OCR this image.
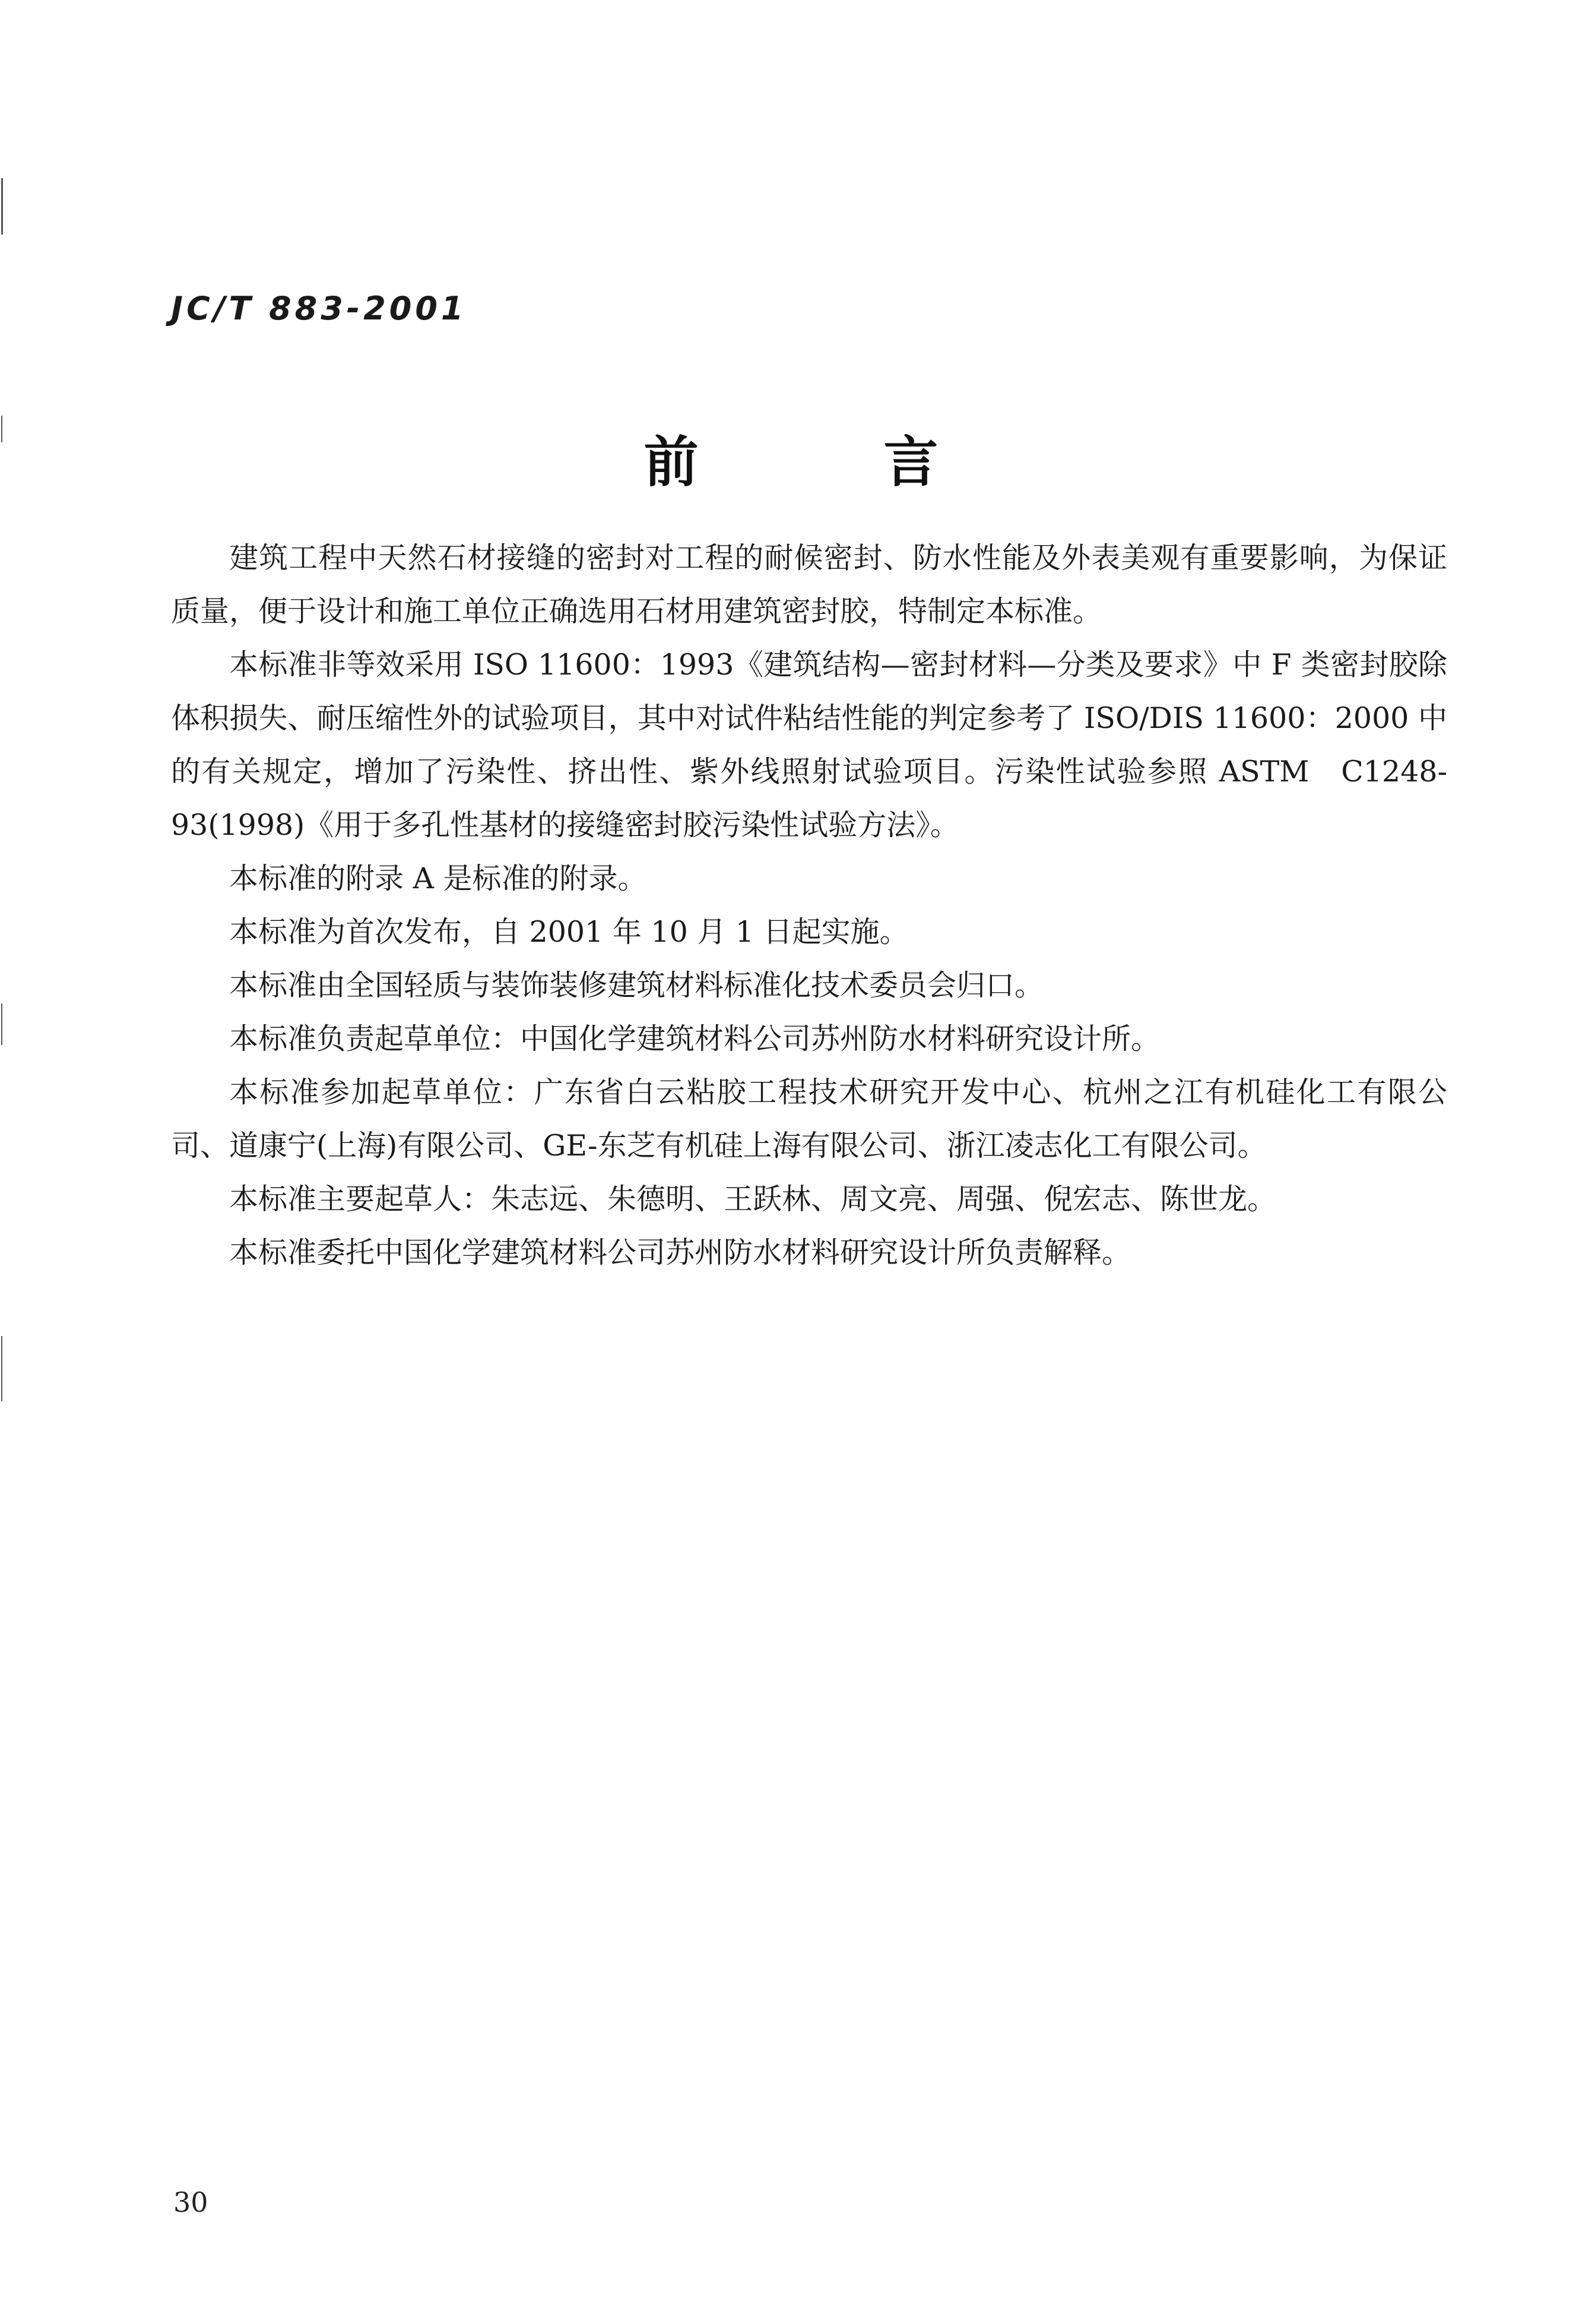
JC/T 883-2001
前 言

建筑工程中天然石材接缝的密封对工程的耐候密封、防水性能及外表美观有重要影响，为保证质量，便于设计和施工单位正确选用石材用建筑密封胶，特制定本标准。

本标准非等效采用 ISO 11600：1993《建筑结构—密封材料—分类及要求》中 F 类密封胶除体积损失、耐压缩性外的试验项目，其中对试件粘结性能的判定参考了 ISO/DIS 11600：2000 中的有关规定，增加了污染性、挤出性、紫外线照射试验项目。污染性试验参照 ASTM　C1248-93(1998)《用于多孔性基材的接缝密封胶污染性试验方法》。

本标准的附录 A 是标准的附录。

本标准为首次发布，自 2001 年 10 月 1 日起实施。

本标准由全国轻质与装饰装修建筑材料标准化技术委员会归口。

本标准负责起草单位：中国化学建筑材料公司苏州防水材料研究设计所。

本标准参加起草单位：广东省白云粘胶工程技术研究开发中心、杭州之江有机硅化工有限公司、道康宁(上海)有限公司、GE-东芝有机硅上海有限公司、浙江凌志化工有限公司。

本标准主要起草人：朱志远、朱德明、王跃林、周文亮、周强、倪宏志、陈世龙。

本标准委托中国化学建筑材料公司苏州防水材料研究设计所负责解释。

30
